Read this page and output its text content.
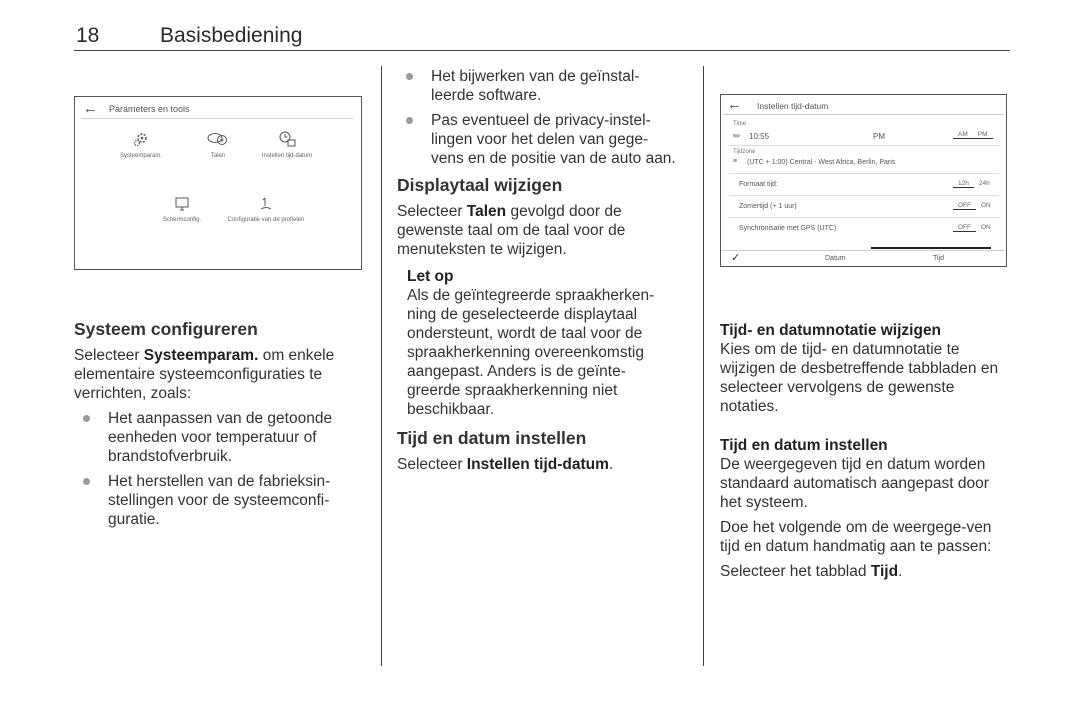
18	Basisbediening
← Parameters en tools
Systeemparam.	Talen	Instellen tijd-datum
Schermconfig.	Configuratie van de profielen
Systeem configureren

Selecteer Systeemparam. om enkele elementaire systeemconfiguraties te verrichten, zoals:

Het aanpassen van de getoonde eenheden voor temperatuur of brandstofverbruik.
Het herstellen van de fabrieksin-stellingen voor de systeemconfi-guratie.
Het bijwerken van de geïnstal-leerde software.
Pas eventueel de privacy-instel-lingen voor het delen van gege-vens en de positie van de auto aan.
Displaytaal wijzigen

Selecteer Talen gevolgd door de gewenste taal om de taal voor de menuteksten te wijzigen.

Let op

Als de geïntegreerde spraakherken-ning de geselecteerde displaytaal ondersteunt, wordt de taal voor de spraakherkenning overeenkomstig aangepast. Anders is de geïnte-greerde spraakherkenning niet beschikbaar.

Tijd en datum instellen

Selecteer Instellen tijd-datum.

← Instellen tijd-datum
Time
✏ 10:55	PM	AM PM
Tijdzone
≡ (UTC + 1:00) Central - West Africa, Berlin, Paris
Formaat tijd:	12h 24h
Zomertijd (+ 1 uur)	OFF ON
Synchronisatie met GPS (UTC)	OFF ON
✓	Datum	Tijd
Tijd- en datumnotatie wijzigen

Kies om de tijd- en datumnotatie te wijzigen de desbetreffende tabbladen en selecteer vervolgens de gewenste notaties.

Tijd en datum instellen

De weergegeven tijd en datum worden standaard automatisch aangepast door het systeem.

Doe het volgende om de weergege-ven tijd en datum handmatig aan te passen:

Selecteer het tabblad Tijd.
